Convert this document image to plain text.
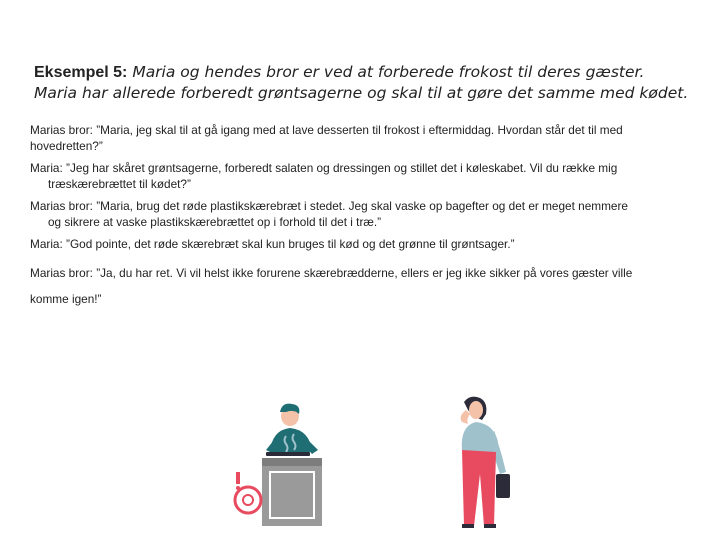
Eksempel 5: Maria og hendes bror er ved at forberede frokost til deres gæster.
Maria har allerede forberedt grøntsagerne og skal til at gøre det samme med kødet.

Marias bror: ”Maria, jeg skal til at gå igang med at lave desserten til frokost i eftermiddag. Hvordan står det til med
hovedretten?”

Maria: ”Jeg har skåret grøntsagerne, forberedt salaten og dressingen og stillet det i køleskabet. Vil du række mig
træskærebrættet til kødet?”

Marias bror: ”Maria, brug det røde plastikskærebræt i stedet. Jeg skal vaske op bagefter og det er meget nemmere
og sikrere at vaske plastikskærebrættet op i forhold til det i træ.”

Maria: ”God pointe, det røde skærebræt skal kun bruges til kød og det grønne til grøntsager.”

Marias bror: ”Ja, du har ret. Vi vil helst ikke forurene skærebrædderne, ellers er jeg ikke sikker på vores gæster ville
komme igen!”
